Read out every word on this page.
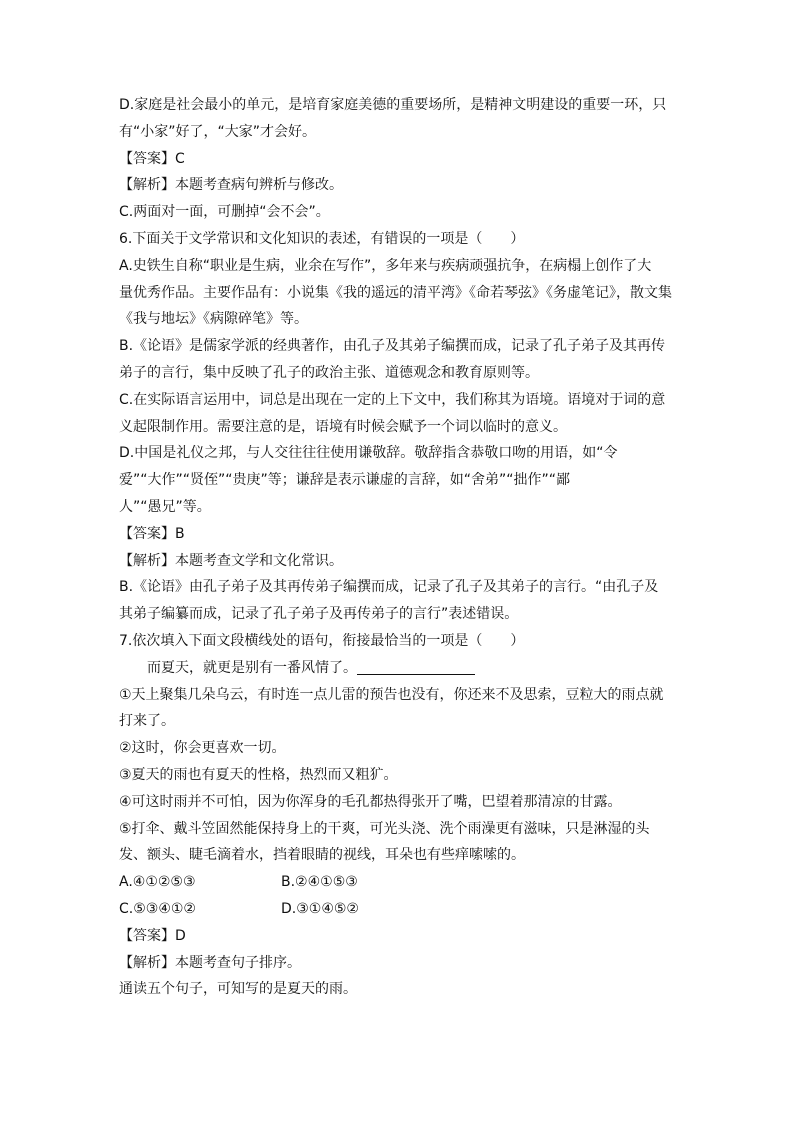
D.家庭是社会最小的单元，是培育家庭美德的重要场所，是精神文明建设的重要一环，只
有“小家”好了，“大家”才会好。
【答案】C
【解析】本题考查病句辨析与修改。
C.两面对一面，可删掉“会不会”。
6.下面关于文学常识和文化知识的表述，有错误的一项是（　　）
A.史铁生自称“职业是生病，业余在写作”，多年来与疾病顽强抗争，在病榻上创作了大
量优秀作品。主要作品有：小说集《我的遥远的清平湾》《命若琴弦》《务虚笔记》，散文集
《我与地坛》《病隙碎笔》等。
B.《论语》是儒家学派的经典著作，由孔子及其弟子编撰而成，记录了孔子弟子及其再传
弟子的言行，集中反映了孔子的政治主张、道德观念和教育原则等。
C.在实际语言运用中，词总是出现在一定的上下文中，我们称其为语境。语境对于词的意
义起限制作用。需要注意的是，语境有时候会赋予一个词以临时的意义。
D.中国是礼仪之邦，与人交往往往使用谦敬辞。敬辞指含恭敬口吻的用语，如“令
爱”“大作”“贤侄”“贵庚”等；谦辞是表示谦虚的言辞，如“舍弟”“拙作”“鄙
人”“愚兄”等。
【答案】B
【解析】本题考查文学和文化常识。
B.《论语》由孔子弟子及其再传弟子编撰而成，记录了孔子及其弟子的言行。“由孔子及
其弟子编纂而成，记录了孔子弟子及再传弟子的言行”表述错误。
7.依次填入下面文段横线处的语句，衔接最恰当的一项是（　　）
而夏天，就更是别有一番风情了。
①天上聚集几朵乌云，有时连一点儿雷的预告也没有，你还来不及思索，豆粒大的雨点就
打来了。
②这时，你会更喜欢一切。
③夏天的雨也有夏天的性格，热烈而又粗犷。
④可这时雨并不可怕，因为你浑身的毛孔都热得张开了嘴，巴望着那清凉的甘露。
⑤打伞、戴斗笠固然能保持身上的干爽，可光头浇、洗个雨澡更有滋味，只是淋湿的头
发、额头、睫毛滴着水，挡着眼睛的视线，耳朵也有些痒嗦嗦的。
A.④①②⑤③	B.②④①⑤③
C.⑤③④①②	D.③①④⑤②
【答案】D
【解析】本题考查句子排序。
通读五个句子，可知写的是夏天的雨。
